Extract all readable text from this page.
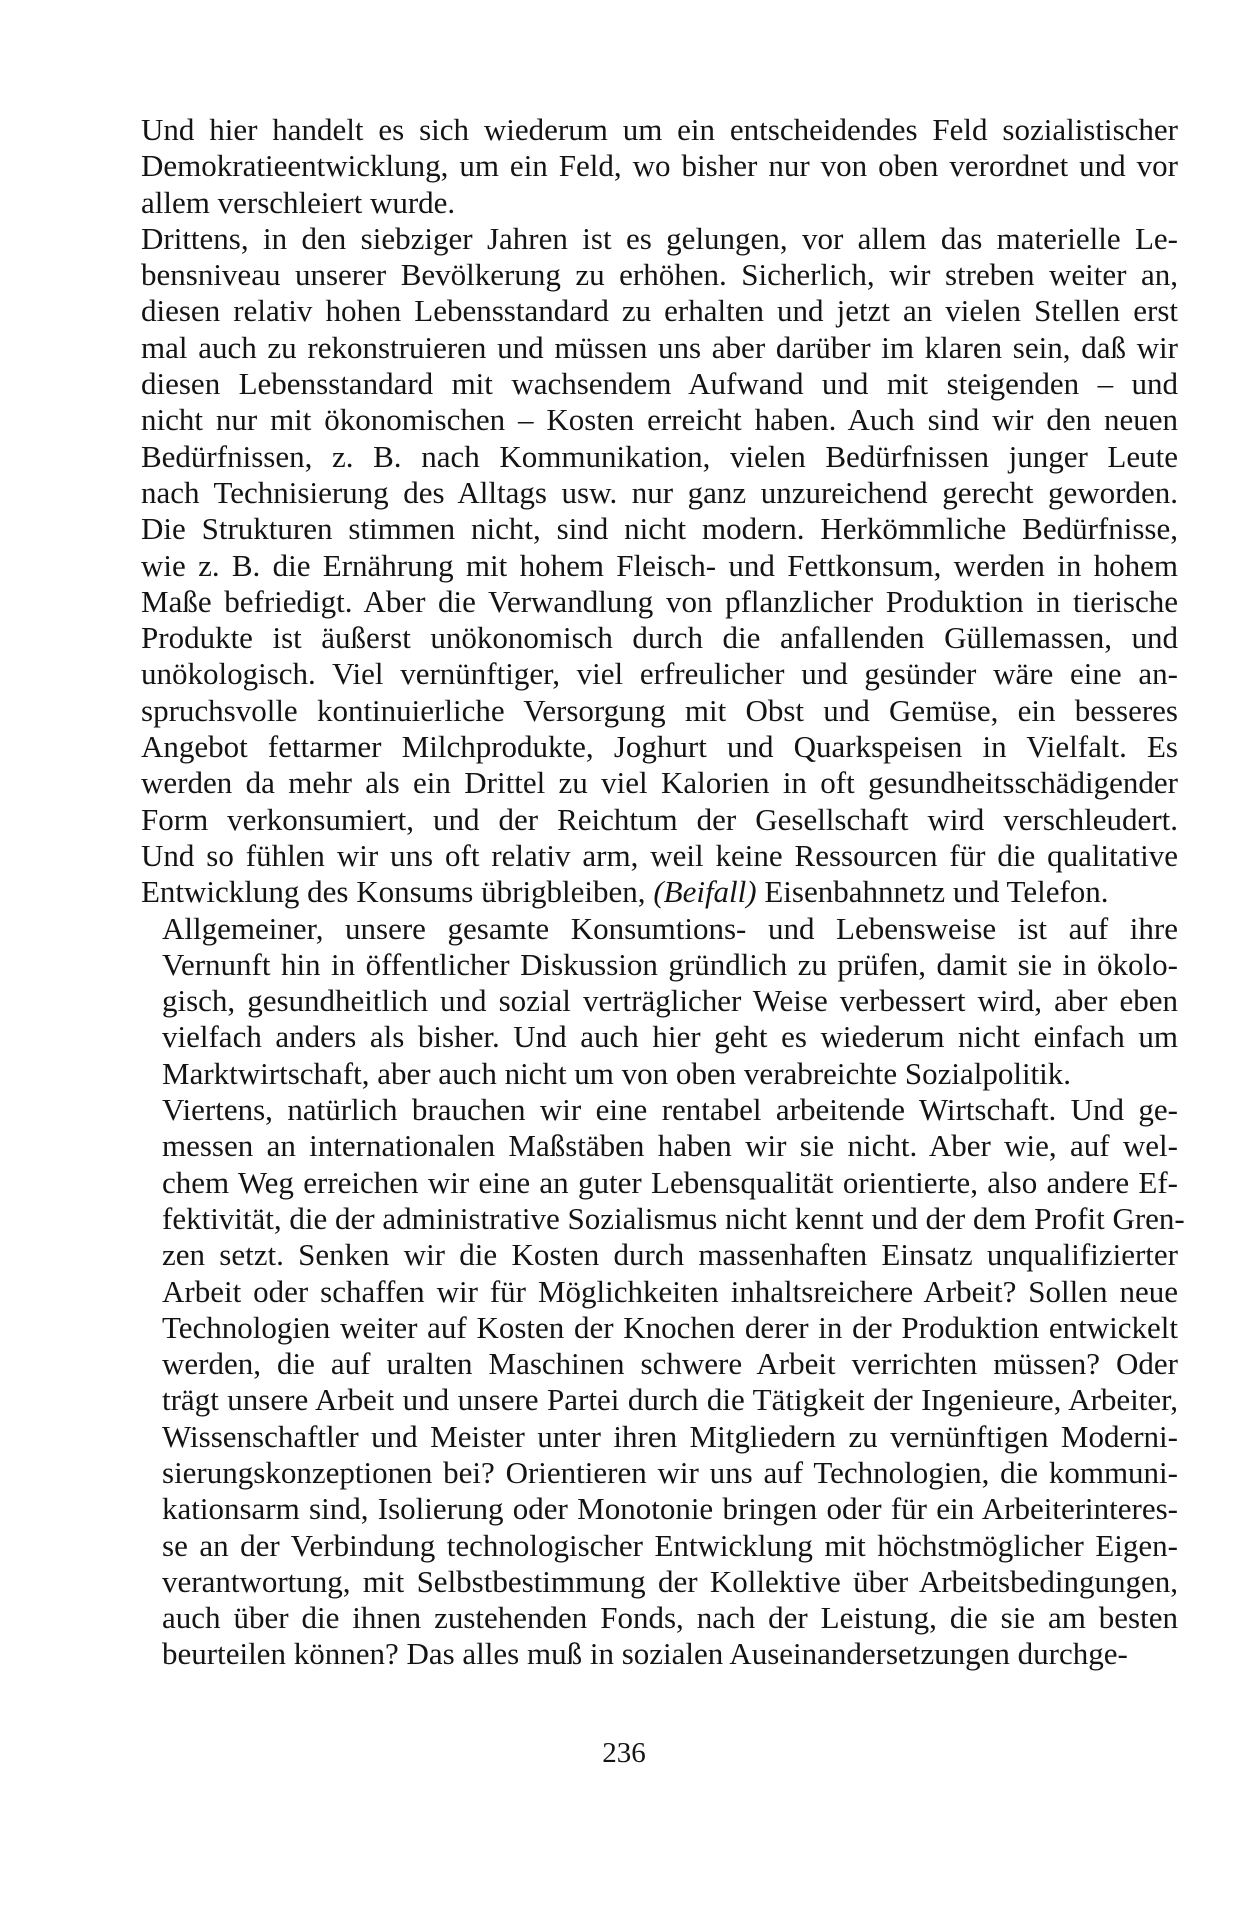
Und hier handelt es sich wiederum um ein entscheidendes Feld sozialistischer
Demokratieentwicklung, um ein Feld, wo bisher nur von oben verordnet und vor
allem verschleiert wurde.
Drittens, in den siebziger Jahren ist es gelungen, vor allem das materielle Le-
bensniveau unserer Bevölkerung zu erhöhen. Sicherlich, wir streben weiter an,
diesen relativ hohen Lebensstandard zu erhalten und jetzt an vielen Stellen erst
mal auch zu rekonstruieren und müssen uns aber darüber im klaren sein, daß wir
diesen Lebensstandard mit wachsendem Aufwand und mit steigenden – und
nicht nur mit ökonomischen – Kosten erreicht haben. Auch sind wir den neuen
Bedürfnissen, z. B. nach Kommunikation, vielen Bedürfnissen junger Leute
nach Technisierung des Alltags usw. nur ganz unzureichend gerecht geworden.
Die Strukturen stimmen nicht, sind nicht modern. Herkömmliche Bedürfnisse,
wie z. B. die Ernährung mit hohem Fleisch- und Fettkonsum, werden in hohem
Maße befriedigt. Aber die Verwandlung von pflanzlicher Produktion in tierische
Produkte ist äußerst unökonomisch durch die anfallenden Güllemassen, und
unökologisch. Viel vernünftiger, viel erfreulicher und gesünder wäre eine an-
spruchsvolle kontinuierliche Versorgung mit Obst und Gemüse, ein besseres
Angebot fettarmer Milchprodukte, Joghurt und Quarkspeisen in Vielfalt. Es
werden da mehr als ein Drittel zu viel Kalorien in oft gesundheitsschädigender
Form verkonsumiert, und der Reichtum der Gesellschaft wird verschleudert.
Und so fühlen wir uns oft relativ arm, weil keine Ressourcen für die qualitative
Entwicklung des Konsums übrigbleiben, (Beifall) Eisenbahnnetz und Telefon.
Allgemeiner, unsere gesamte Konsumtions- und Lebensweise ist auf ihre
Vernunft hin in öffentlicher Diskussion gründlich zu prüfen, damit sie in ökolo-
gisch, gesundheitlich und sozial verträglicher Weise verbessert wird, aber eben
vielfach anders als bisher. Und auch hier geht es wiederum nicht einfach um
Marktwirtschaft, aber auch nicht um von oben verabreichte Sozialpolitik.
Viertens, natürlich brauchen wir eine rentabel arbeitende Wirtschaft. Und ge-
messen an internationalen Maßstäben haben wir sie nicht. Aber wie, auf wel-
chem Weg erreichen wir eine an guter Lebensqualität orientierte, also andere Ef-
fektivität, die der administrative Sozialismus nicht kennt und der dem Profit Gren-
zen setzt. Senken wir die Kosten durch massenhaften Einsatz unqualifizierter
Arbeit oder schaffen wir für Möglichkeiten inhaltsreichere Arbeit? Sollen neue
Technologien weiter auf Kosten der Knochen derer in der Produktion entwickelt
werden, die auf uralten Maschinen schwere Arbeit verrichten müssen? Oder
trägt unsere Arbeit und unsere Partei durch die Tätigkeit der Ingenieure, Arbeiter,
Wissenschaftler und Meister unter ihren Mitgliedern zu vernünftigen Moderni-
sierungskonzeptionen bei? Orientieren wir uns auf Technologien, die kommuni-
kationsarm sind, Isolierung oder Monotonie bringen oder für ein Arbeiterinteres-
se an der Verbindung technologischer Entwicklung mit höchstmöglicher Eigen-
verantwortung, mit Selbstbestimmung der Kollektive über Arbeitsbedingungen,
auch über die ihnen zustehenden Fonds, nach der Leistung, die sie am besten
beurteilen können? Das alles muß in sozialen Auseinandersetzungen durchge-
236
